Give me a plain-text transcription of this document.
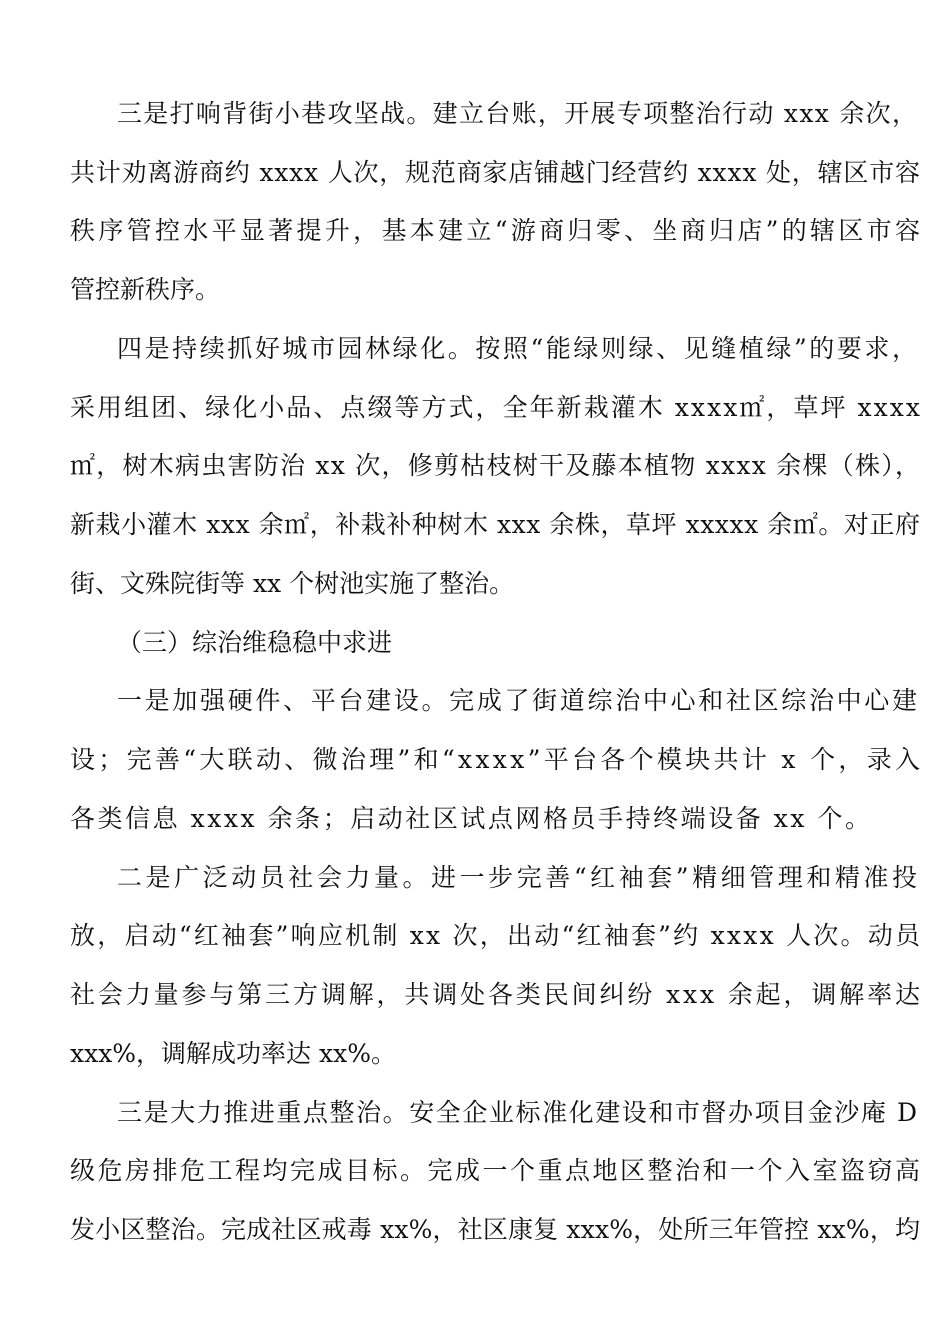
三是打响背街小巷攻坚战。建立台账，开展专项整治行动 xxx 余次，

共计劝离游商约 xxxx 人次，规范商家店铺越门经营约 xxxx 处，辖区市容

秩序管控水平显著提升，基本建立“游商归零、坐商归店”的辖区市容

管控新秩序。

四是持续抓好城市园林绿化。按照“能绿则绿、见缝植绿”的要求，

采用组团、绿化小品、点缀等方式，全年新栽灌木 xxxx㎡，草坪 xxxx

㎡，树木病虫害防治 xx 次，修剪枯枝树干及藤本植物 xxxx 余棵（株），

新栽小灌木 xxx 余㎡，补栽补种树木 xxx 余株，草坪 xxxxx 余㎡。对正府

街、文殊院街等 xx 个树池实施了整治。

（三）综治维稳稳中求进

一是加强硬件、平台建设。完成了街道综治中心和社区综治中心建

设；完善“大联动、微治理”和“xxxx”平台各个模块共计 x 个，录入

各类信息 xxxx 余条；启动社区试点网格员手持终端设备 xx 个。

二是广泛动员社会力量。进一步完善“红袖套”精细管理和精准投

放，启动“红袖套”响应机制 xx 次，出动“红袖套”约 xxxx 人次。动员

社会力量参与第三方调解，共调处各类民间纠纷 xxx 余起，调解率达

xxx%，调解成功率达 xx%。

三是大力推进重点整治。安全企业标准化建设和市督办项目金沙庵 D

级危房排危工程均完成目标。完成一个重点地区整治和一个入室盗窃高

发小区整治。完成社区戒毒 xx%，社区康复 xxx%，处所三年管控 xx%，均
